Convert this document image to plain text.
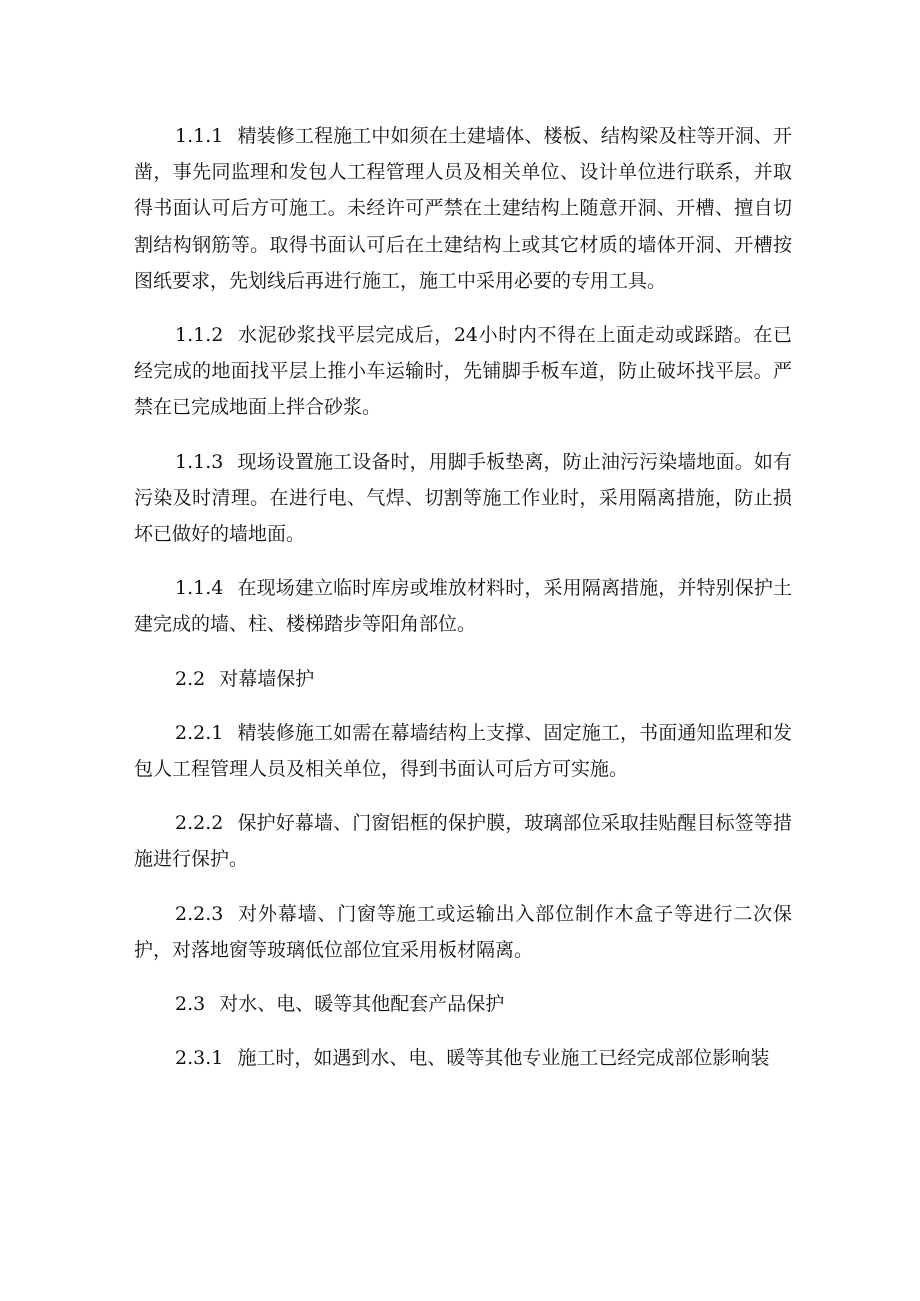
1.1.1 精装修工程施工中如须在土建墙体、楼板、结构梁及柱等开洞、开凿，事先同监理和发包人工程管理人员及相关单位、设计单位进行联系，并取得书面认可后方可施工。未经许可严禁在土建结构上随意开洞、开槽、擅自切割结构钢筋等。取得书面认可后在土建结构上或其它材质的墙体开洞、开槽按图纸要求，先划线后再进行施工，施工中采用必要的专用工具。

1.1.2 水泥砂浆找平层完成后，24小时内不得在上面走动或踩踏。在已经完成的地面找平层上推小车运输时，先铺脚手板车道，防止破坏找平层。严禁在已完成地面上拌合砂浆。

1.1.3 现场设置施工设备时，用脚手板垫离，防止油污污染墙地面。如有污染及时清理。在进行电、气焊、切割等施工作业时，采用隔离措施，防止损坏已做好的墙地面。

1.1.4 在现场建立临时库房或堆放材料时，采用隔离措施，并特别保护土建完成的墙、柱、楼梯踏步等阳角部位。

2.2 对幕墙保护

2.2.1 精装修施工如需在幕墙结构上支撑、固定施工，书面通知监理和发包人工程管理人员及相关单位，得到书面认可后方可实施。

2.2.2 保护好幕墙、门窗铝框的保护膜，玻璃部位采取挂贴醒目标签等措施进行保护。

2.2.3 对外幕墙、门窗等施工或运输出入部位制作木盒子等进行二次保护，对落地窗等玻璃低位部位宜采用板材隔离。

2.3 对水、电、暖等其他配套产品保护

2.3.1 施工时，如遇到水、电、暖等其他专业施工已经完成部位影响装
